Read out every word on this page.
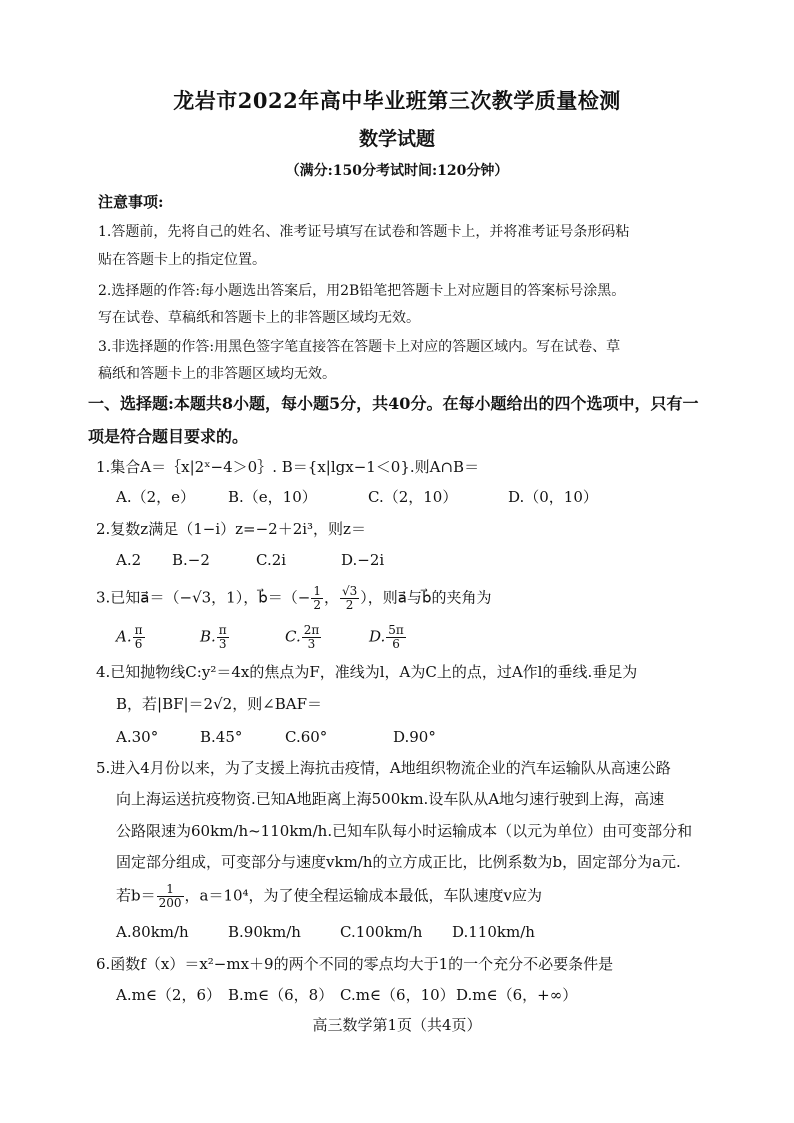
龙岩市2022年高中毕业班第三次教学质量检测
数学试题
（满分:150分考试时间:120分钟）
注意事项:
1.答题前，先将自己的姓名、准考证号填写在试卷和答题卡上，并将准考证号条形码粘
贴在答题卡上的指定位置。
2.选择题的作答:每小题选出答案后，用2B铅笔把答题卡上对应题目的答案标号涂黑。
写在试卷、草稿纸和答题卡上的非答题区域均无效。
3.非选择题的作答:用黑色签字笔直接答在答题卡上对应的答题区域内。写在试卷、草
稿纸和答题卡上的非答题区域均无效。
一、选择题:本题共8小题，每小题5分，共40分。在每小题给出的四个选项中，只有一
项是符合题目要求的。
1.集合A＝｛x|2ˣ−4＞0｝. B＝{x|lgx−1＜0}.则A∩B＝
A.（2，e） B.（e，10）	C.（2，10）	D.（0，10）
2.复数z满足（1−i）z=−2＋2i³，则z＝
A.2 B.−2	C.2i	D.−2i
3.已知a⃗＝（−√3，1），b⃗＝（− $\frac{1}{2}$ ， $\frac{√3}{2}$ ），则a⃗与b⃗的夹角为
A. $\frac{\pi}{6}$	B. $\frac{\pi}{3}$	C. $\frac{2\pi}{3}$	D. $\frac{5\pi}{6}$
4.已知抛物线C:y²＝4x的焦点为F，准线为l，A为C上的点，过A作l的垂线.垂足为
B，若|BF|＝2√2，则∠BAF＝
A.30°	B.45°	C.60°	D.90°
5.进入4月份以来，为了支援上海抗击疫情，A地组织物流企业的汽车运输队从高速公路
向上海运送抗疫物资.已知A地距离上海500km.设车队从A地匀速行驶到上海，高速
公路限速为60km/h~110km/h.已知车队每小时运输成本（以元为单位）由可变部分和
固定部分组成，可变部分与速度vkm/h的立方成正比，比例系数为b，固定部分为a元.
若$b= \frac{1}{200}$ ，a＝10⁴，为了使全程运输成本最低，车队速度v应为
A.80km/h	B.90km/h	C.100km/h D.110km/h
6.函数f（x）＝x²−mx＋9的两个不同的零点均大于1的一个充分不必要条件是
A.m∈（2，6） B.m∈（6，8） C.m∈（6，10） D.m∈（6，+∞）
高三数学第1页（共4页）
